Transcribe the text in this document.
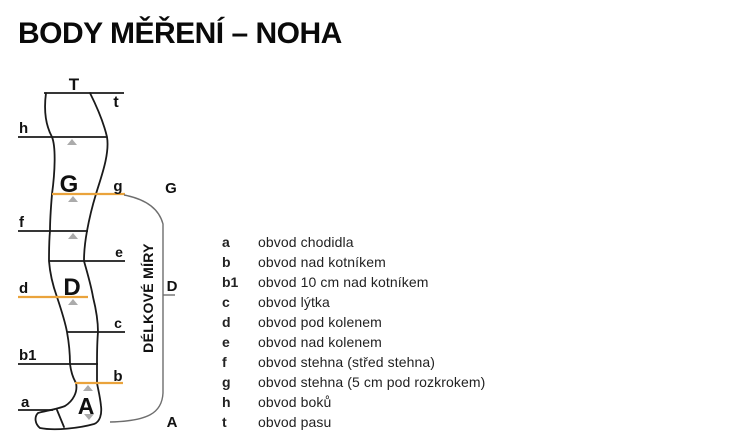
BODY MĚŘENÍ – NOHA
T
t
h
G g	G
f
e
d D	D
c
b1
b
a A
A
DÉLKOVÉ MÍRY
a	obvod chodidla
b	obvod nad kotníkem
b1	obvod 10 cm nad kotníkem
c	obvod lýtka
d	obvod pod kolenem
e	obvod nad kolenem
f	obvod stehna (střed stehna)
g	obvod stehna (5 cm pod rozkrokem)
h	obvod boků
t	obvod pasu
